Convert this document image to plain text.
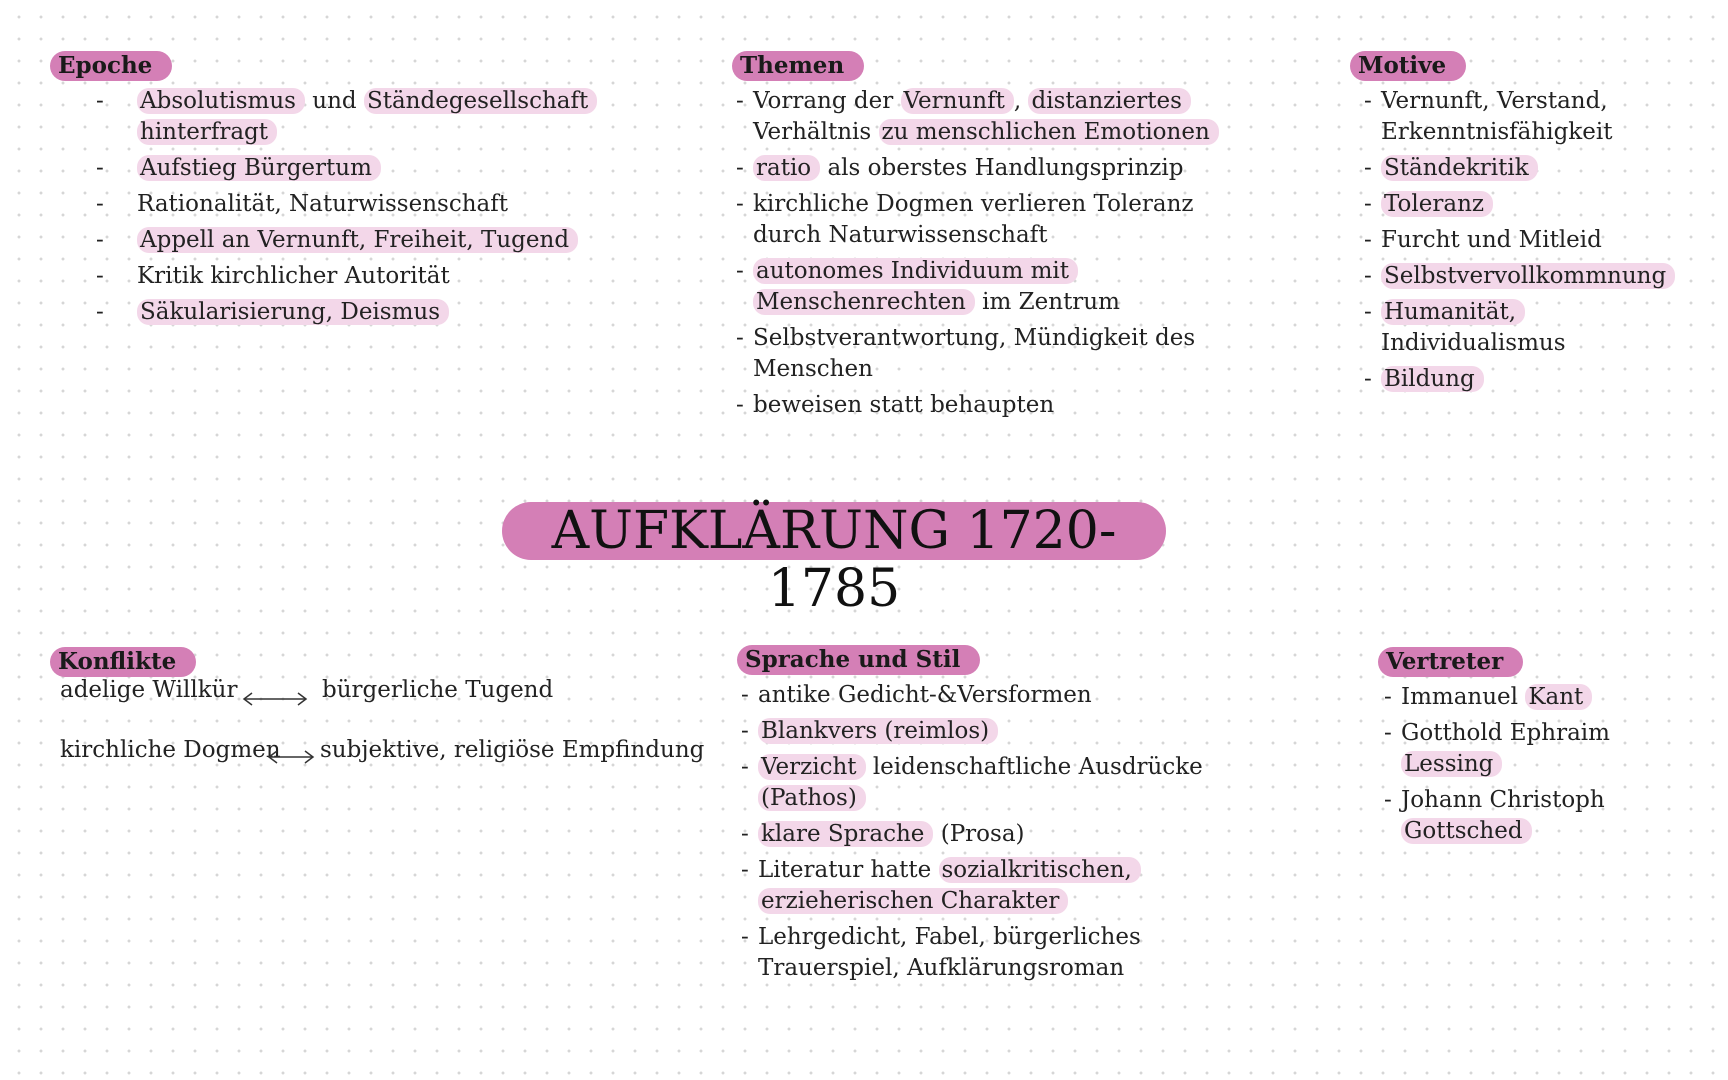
Epoche
- Absolutismus und Ständegesellschaft hinterfragt
- Aufstieg Bürgertum
- Rationalität, Naturwissenschaft
- Appell an Vernunft, Freiheit, Tugend
- Kritik kirchlicher Autorität
- Säkularisierung, Deismus
Themen
- Vorrang der Vernunft , distanziertes Verhältnis zu menschlichen Emotionen
- ratio als oberstes Handlungsprinzip
- kirchliche Dogmen verlieren Toleranz durch Naturwissenschaft
- autonomes Individuum mit Menschenrechten im Zentrum
- Selbstverantwortung, Mündigkeit des Menschen
- beweisen statt behaupten
Motive
- Vernunft, Verstand, Erkenntnisfähigkeit
- Ständekritik
- Toleranz
- Furcht und Mitleid
- Selbstvervollkommnung
- Humanität, Individualismus
- Bildung
AUFKLÄRUNG 1720-1785
Konflikte
adelige Willkür	bürgerliche Tugend
kirchliche Dogmen subjektive, religiöse Empfindung
Sprache und Stil
- antike Gedicht-&Versformen
- Blankvers (reimlos)
- Verzicht leidenschaftliche Ausdrücke (Pathos)
- klare Sprache (Prosa)
- Literatur hatte sozialkritischen, erzieherischen Charakter
- Lehrgedicht, Fabel, bürgerliches Trauerspiel, Aufklärungsroman
Vertreter
- Immanuel Kant
- Gotthold Ephraim Lessing
- Johann Christoph Gottsched
